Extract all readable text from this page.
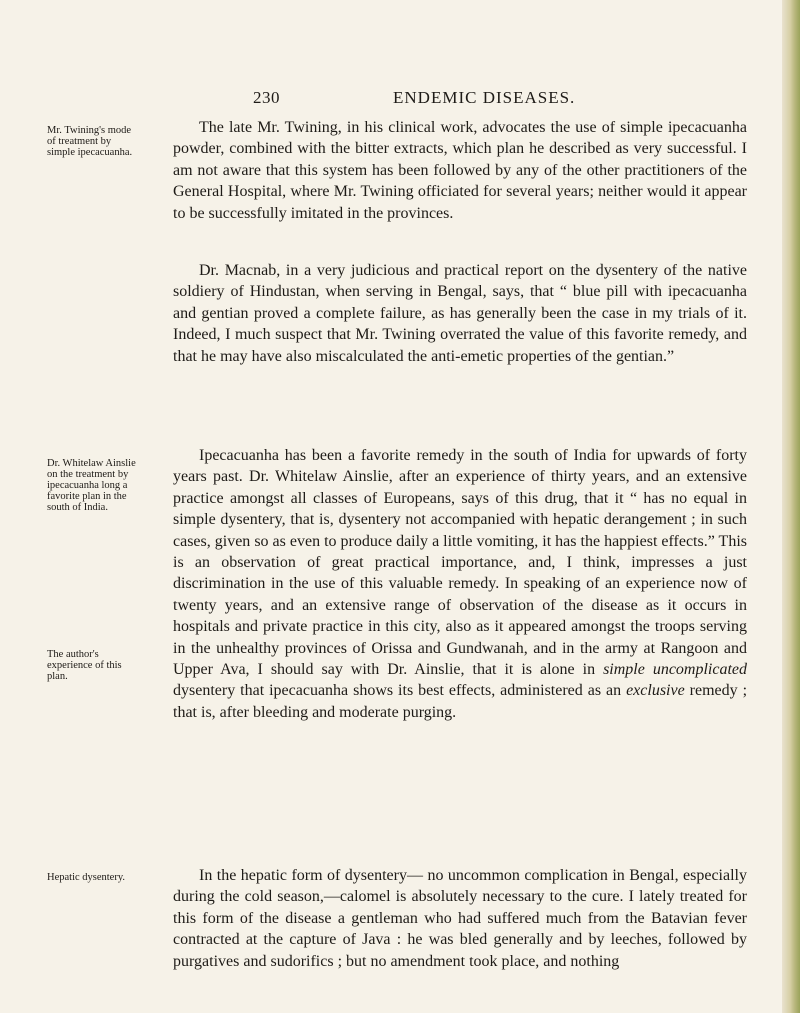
230	ENDEMIC DISEASES.
Mr. Twining's mode of treatment by simple ipecacuanha.
Dr. Whitelaw Ainslie on the treatment by ipecacuanha long a favorite plan in the south of India.
The author's experience of this plan.
Hepatic dysentery.

The late Mr. Twining, in his clinical work, advocates the use of simple ipecacuanha powder, combined with the bitter extracts, which plan he described as very successful. I am not aware that this system has been followed by any of the other practitioners of the General Hospital, where Mr. Twining officiated for several years; neither would it appear to be successfully imitated in the provinces.

Dr. Macnab, in a very judicious and practical report on the dysentery of the native soldiery of Hindustan, when serving in Bengal, says, that “ blue pill with ipecacuanha and gentian proved a complete failure, as has generally been the case in my trials of it. Indeed, I much suspect that Mr. Twining overrated the value of this favorite remedy, and that he may have also miscalculated the anti-emetic properties of the gentian.”

Ipecacuanha has been a favorite remedy in the south of India for upwards of forty years past. Dr. Whitelaw Ainslie, after an experience of thirty years, and an extensive practice amongst all classes of Europeans, says of this drug, that it “ has no equal in simple dysentery, that is, dysentery not accompanied with hepatic derangement ; in such cases, given so as even to produce daily a little vomiting, it has the happiest effects.” This is an observation of great practical importance, and, I think, impresses a just discrimination in the use of this valuable remedy. In speaking of an experience now of twenty years, and an extensive range of observation of the disease as it occurs in hospitals and private practice in this city, also as it appeared amongst the troops serving in the unhealthy provinces of Orissa and Gundwanah, and in the army at Rangoon and Upper Ava, I should say with Dr. Ainslie, that it is alone in simple uncomplicated dysentery that ipecacuanha shows its best effects, administered as an exclusive remedy ; that is, after bleeding and moderate purging.

In the hepatic form of dysentery— no uncommon complication in Bengal, especially during the cold season,—calomel is absolutely necessary to the cure. I lately treated for this form of the disease a gentleman who had suffered much from the Batavian fever contracted at the capture of Java : he was bled generally and by leeches, followed by purgatives and sudorifics ; but no amendment took place, and nothing
